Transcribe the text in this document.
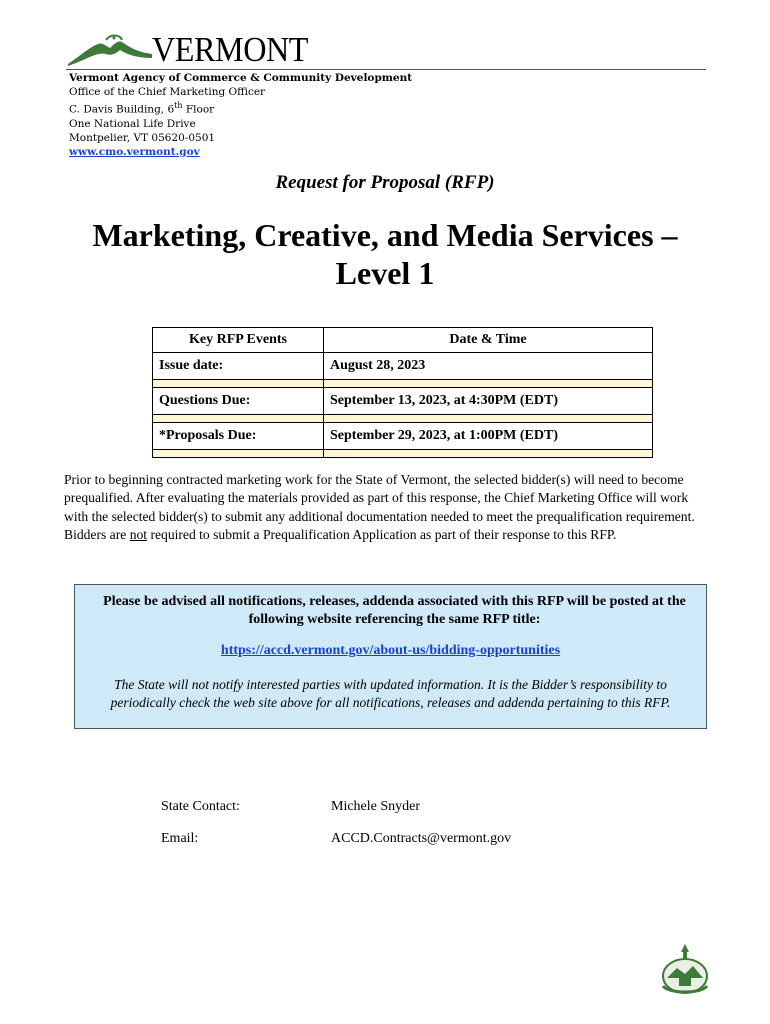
VERMONT
Vermont Agency of Commerce & Community Development
Office of the Chief Marketing Officer
C. Davis Building, 6th Floor
One National Life Drive
Montpelier, VT 05620-0501
www.cmo.vermont.gov
Request for Proposal (RFP)
Marketing, Creative, and Media Services –
Level 1
Key RFP Events	Date & Time
Issue date:	August 28, 2023

Questions Due:	September 13, 2023, at 4:30PM (EDT)

*Proposals Due:	September 29, 2023, at 1:00PM (EDT)

Prior to beginning contracted marketing work for the State of Vermont, the selected bidder(s) will need to become prequalified. After evaluating the materials provided as part of this response, the Chief Marketing Office will work with the selected bidder(s) to submit any additional documentation needed to meet the prequalification requirement. Bidders are not required to submit a Prequalification Application as part of their response to this RFP.
Please be advised all notifications, releases, addenda associated with this RFP will be posted at the following website referencing the same RFP title:
https://accd.vermont.gov/about-us/bidding-opportunities
The State will not notify interested parties with updated information. It is the Bidder’s responsibility to periodically check the web site above for all notifications, releases and addenda pertaining to this RFP.
State Contact:	Michele Snyder
Email:	ACCD.Contracts@vermont.gov
